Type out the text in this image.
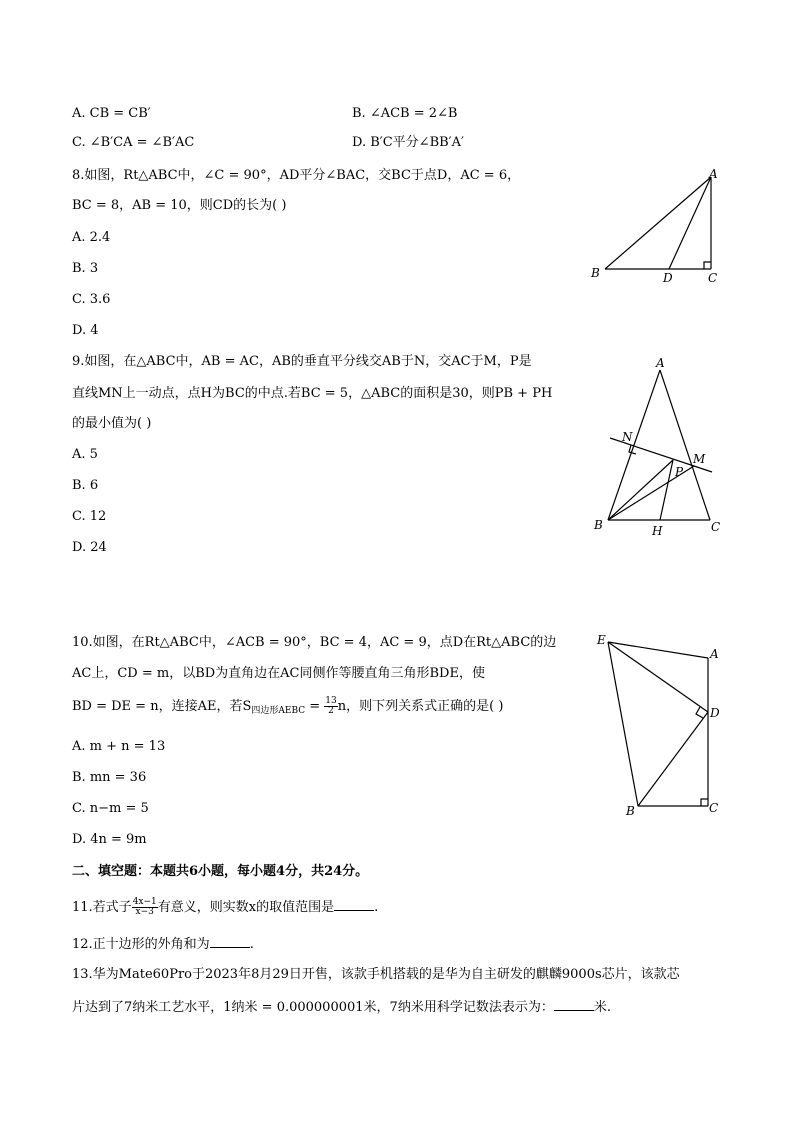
A. CB = CB′	B. ∠ACB = 2∠B
C. ∠B′CA = ∠B′AC	D. B′C平分∠BB′A′
8.如图，Rt△ABC中，∠C = 90°，AD平分∠BAC，交BC于点D，AC = 6，
BC = 8，AB = 10，则CD的长为( )
A. 2.4
B. 3
C. 3.6
D. 4
A
B	C
D
9.如图，在△ABC中，AB = AC，AB的垂直平分线交AB于N，交AC于M，P是
直线MN上一动点，点H为BC的中点.若BC = 5，△ABC的面积是30，则PB + PH
的最小值为( )
A. 5
B. 6
C. 12
D. 24
A
N
M
P
B	H	C
10.如图，在Rt△ABC中，∠ACB = 90°，BC = 4，AC = 9，点D在Rt△ABC的边
AC上，CD = m，以BD为直角边在AC同侧作等腰直角三角形BDE，使
BD = DE = n，连接AE，若$S_{四边形AEBC} = \frac{13}{2}$ n，则下列关系式正确的是( )
A. m + n = 13
B. mn = 36
C. n−m = 5
D. 4n = 9m
E
A
D
B	C
二、填空题：本题共6小题，每小题4分，共24分。
11.若式子 $\frac{4x-1}{x-3}$ 有意义，则实数x的取值范围是	.
12.正十边形的外角和为	.
13.华为Mate60Pro于2023年8月29日开售，该款手机搭载的是华为自主研发的麒麟9000s芯片，该款芯
片达到了7纳米工艺水平，1纳米 = 0.000000001米，7纳米用科学记数法表示为：	米.
